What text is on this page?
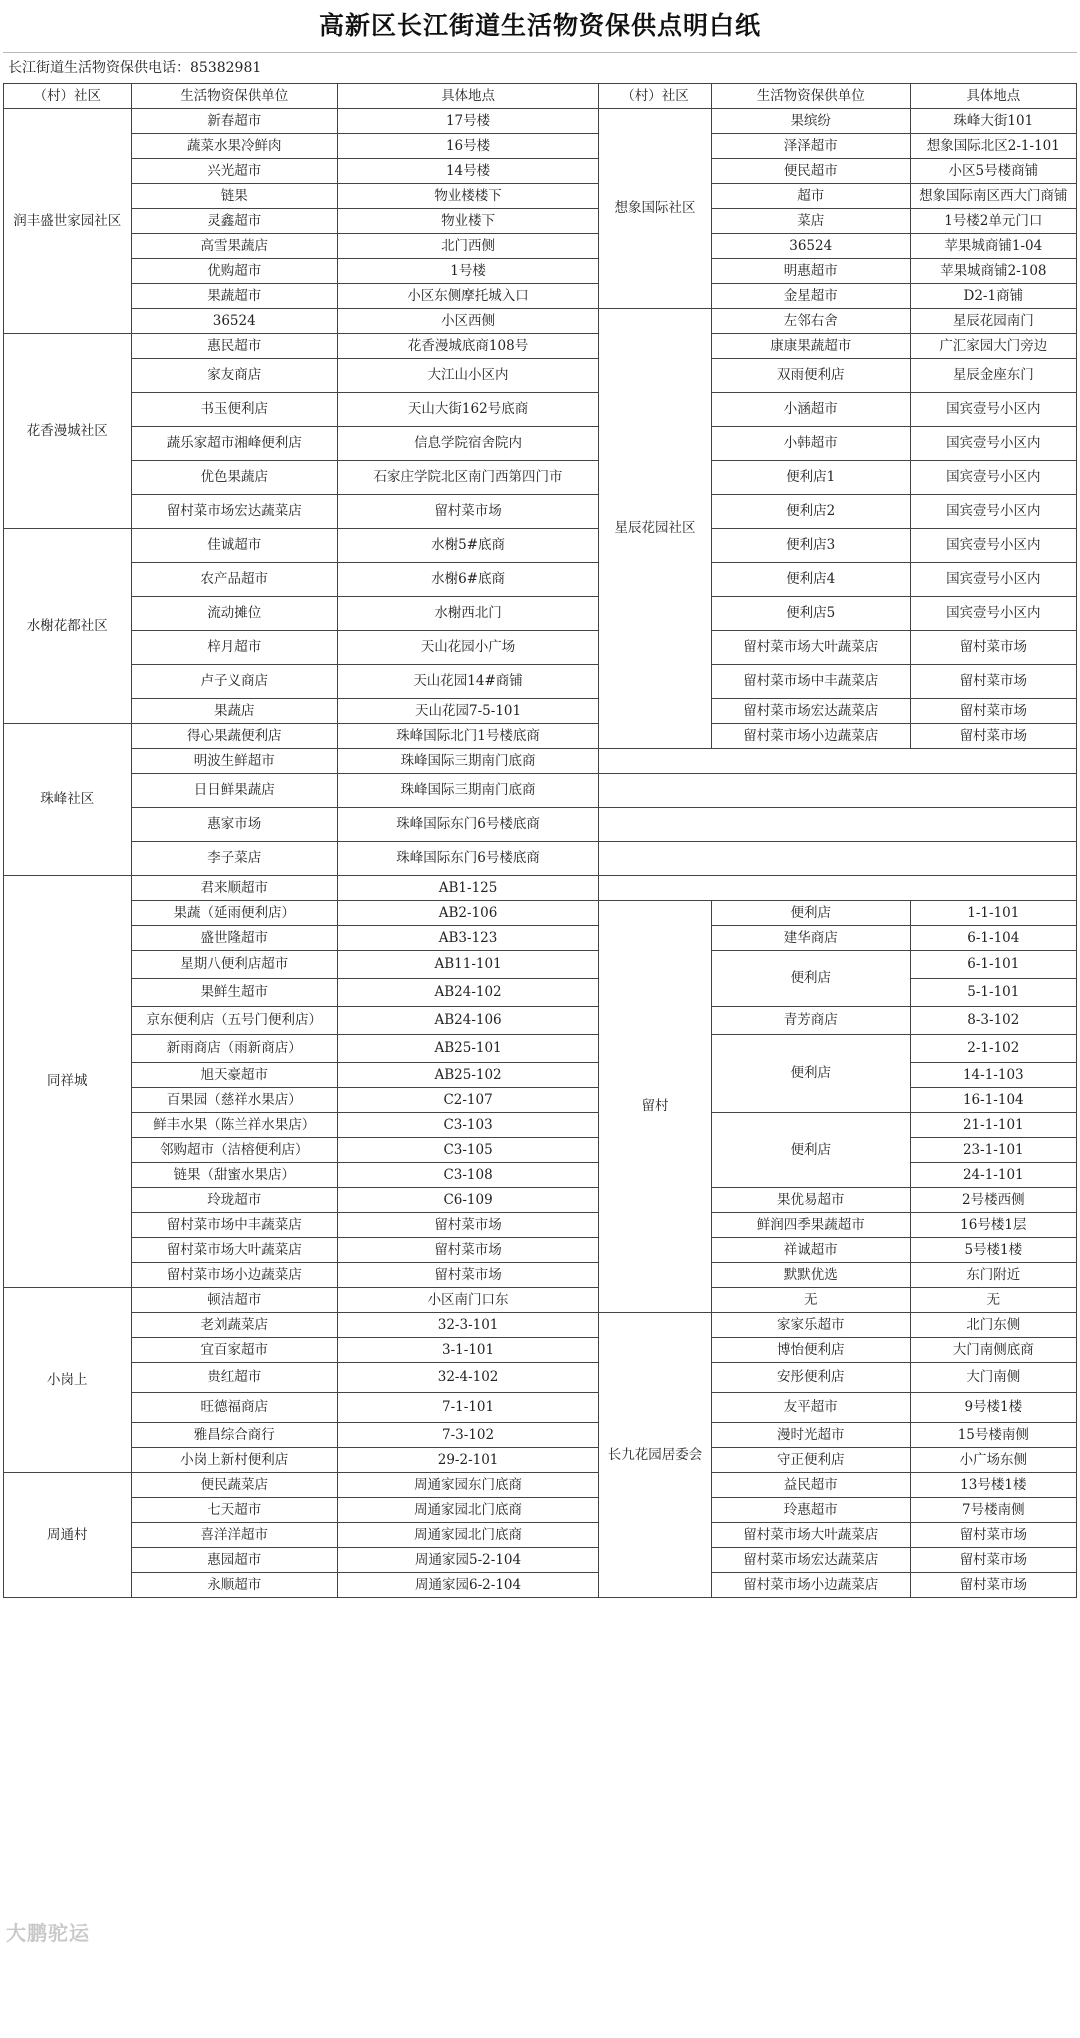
高新区长江街道生活物资保供点明白纸
长江街道生活物资保供电话：85382981
（村）社区	生活物资保供单位	具体地点	（村）社区	生活物资保供单位	具体地点
润丰盛世家园社区	新春超市	17号楼	想象国际社区	果缤纷	珠峰大街101
	蔬菜水果冷鲜肉	16号楼		泽泽超市	想象国际北区2-1-101
	兴光超市	14号楼		便民超市	小区5号楼商铺
	链果	物业楼楼下		超市	想象国际南区西大门商铺
	灵鑫超市	物业楼下		菜店	1号楼2单元门口
	高雪果蔬店	北门西侧		36524	苹果城商铺1-04
	优购超市	1号楼		明惠超市	苹果城商铺2-108
	果蔬超市	小区东侧摩托城入口		金星超市	D2-1商铺
	36524	小区西侧	星辰花园社区	左邻右舍	星辰花园南门
花香漫城社区	惠民超市	花香漫城底商108号		康康果蔬超市	广汇家园大门旁边
	家友商店	大江山小区内		双雨便利店	星辰金座东门
	书玉便利店	天山大街162号底商		小涵超市	国宾壹号小区内
	蔬乐家超市湘峰便利店	信息学院宿舍院内		小韩超市	国宾壹号小区内
	优色果蔬店	石家庄学院北区南门西第四门市		便利店1	国宾壹号小区内
	留村菜市场宏达蔬菜店	留村菜市场		便利店2	国宾壹号小区内
水榭花都社区	佳诚超市	水榭5#底商		便利店3	国宾壹号小区内
	农产品超市	水榭6#底商		便利店4	国宾壹号小区内
	流动摊位	水榭西北门		便利店5	国宾壹号小区内
	梓月超市	天山花园小广场		留村菜市场大叶蔬菜店	留村菜市场
	卢子义商店	天山花园14#商铺		留村菜市场中丰蔬菜店	留村菜市场
	果蔬店	天山花园7-5-101		留村菜市场宏达蔬菜店	留村菜市场
珠峰社区	得心果蔬便利店	珠峰国际北门1号楼底商		留村菜市场小边蔬菜店	留村菜市场
	明波生鲜超市	珠峰国际三期南门底商			
	日日鲜果蔬店	珠峰国际三期南门底商			
	惠家市场	珠峰国际东门6号楼底商			
	李子菜店	珠峰国际东门6号楼底商			
同祥城	君来顺超市	AB1-125			
	果蔬（延雨便利店）	AB2-106	留村	便利店	1-1-101
	盛世隆超市	AB3-123		建华商店	6-1-104
	星期八便利店超市	AB11-101		便利店	6-1-101
	果鲜生超市	AB24-102			5-1-101
	京东便利店（五号门便利店）	AB24-106		青芳商店	8-3-102
	新雨商店（雨新商店）	AB25-101		便利店	2-1-102
	旭天豪超市	AB25-102			14-1-103
	百果园（慈祥水果店）	C2-107			16-1-104
	鲜丰水果（陈兰祥水果店）	C3-103		便利店	21-1-101
	邻购超市（洁榕便利店）	C3-105			23-1-101
	链果（甜蜜水果店）	C3-108			24-1-101
	玲珑超市	C6-109		果优易超市	2号楼西侧
	留村菜市场中丰蔬菜店	留村菜市场		鲜润四季果蔬超市	16号楼1层
	留村菜市场大叶蔬菜店	留村菜市场		祥诚超市	5号楼1楼
	留村菜市场小边蔬菜店	留村菜市场		默默优选	东门附近
小岗上	顿洁超市	小区南门口东		无	无
	老刘蔬菜店	32-3-101	长九花园居委会	家家乐超市	北门东侧
	宜百家超市	3-1-101		博怡便利店	大门南侧底商
	贵红超市	32-4-102		安彤便利店	大门南侧
	旺德福商店	7-1-101		友平超市	9号楼1楼
	雅昌综合商行	7-3-102		漫时光超市	15号楼南侧
	小岗上新村便利店	29-2-101		守正便利店	小广场东侧
周通村	便民蔬菜店	周通家园东门底商		益民超市	13号楼1楼
	七天超市	周通家园北门底商		玲惠超市	7号楼南侧
	喜洋洋超市	周通家园北门底商		留村菜市场大叶蔬菜店	留村菜市场
	惠园超市	周通家园5-2-104		留村菜市场宏达蔬菜店	留村菜市场
	永顺超市	周通家园6-2-104		留村菜市场小边蔬菜店	留村菜市场

大鹏驼运
